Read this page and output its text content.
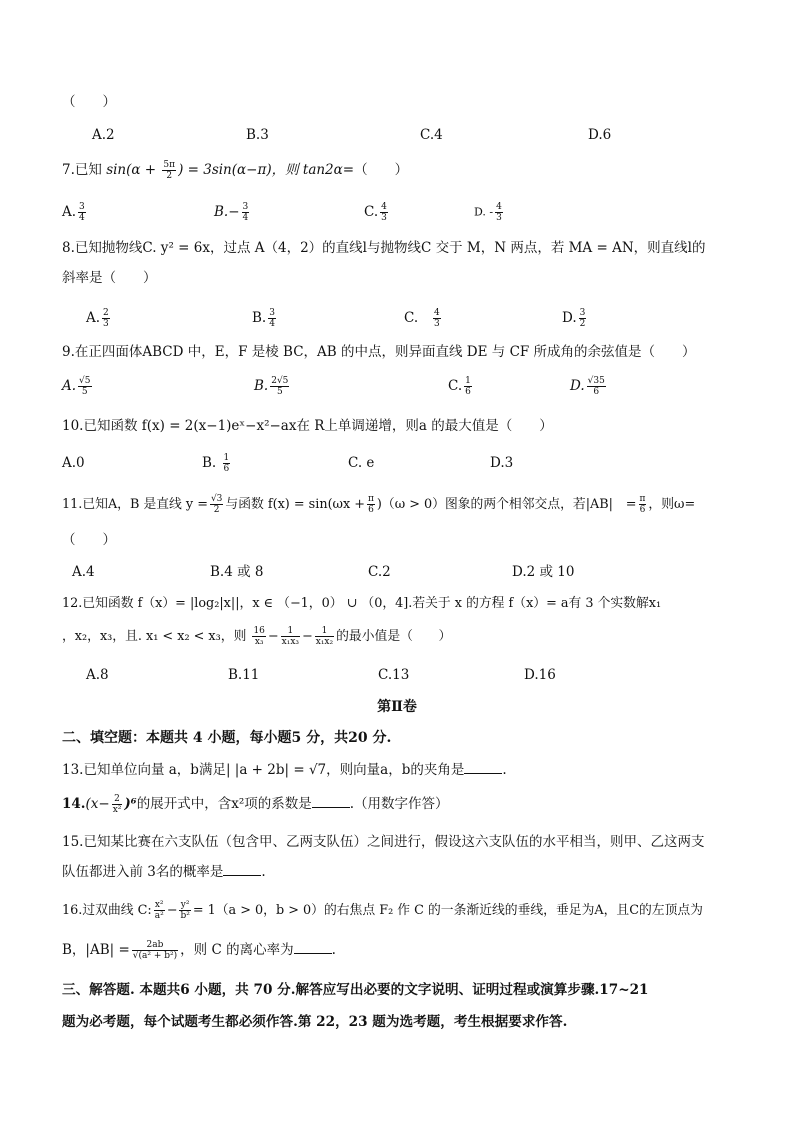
（　　）
A.2	B.3	C.4	D.6
7.已知 $\sin(\alpha + \frac{5\pi}{2}$ ) = 3sin(α−π)，则 tan2α=（　　）
A. $\frac{3}{4}$	$B.- \frac{3}{4}$	C. $\frac{4}{3}$	D. - $\frac{4}{3}$
8.已知抛物线C. y² = 6x，过点 A（4，2）的直线l与抛物线C 交于 M，N 两点，若 MA = AN，则直线l的
斜率是（　　）
A. $\frac{2}{3}$	B. $\frac{3}{4}$	C. $\frac{4}{3}$	D. $\frac{3}{2}$
9.在正四面体ABCD 中，E，F 是棱 BC，AB 的中点，则异面直线 DE 与 CF 所成角的余弦值是（　　）
A. $\frac{√5}{5}$	B. $\frac{2√5}{5}$	C. $\frac{1}{6}$	D. $\frac{√35}{6}$
10.已知函数 f(x) = 2(x−1)eˣ−x²−ax在 R上单调递增，则a 的最大值是（　　）
A.0	B. $\frac{1}{6}$	C. e	D.3
11.已知A，B 是直线 $y = \frac{√3}{2}$ 与函数 $f(x) = \sin(\omega x + \frac{\pi}{6} )(\omega > 0)$图象的两个相邻交点，若|AB|　= $\frac{\pi}{6}$ ，则ω=
（　　）
A.4	B.4 或 8	C.2	D.2 或 10
12.已知函数 f（x）= |log₂|x||，x ∈ （−1，0） ∪ （0，4].若关于 x 的方程 f（x）= a有 3 个实数解x₁
，x₂，x₃，且. x₁ < x₂ < x₃，则 $\frac{16}{\text{x₃}} - \frac{1}{\text{x₁x₃}} - \frac{1}{\text{x₁x₂}}$ 的最小值是（　　）
A.8	B.11	C.13	D.16
第Ⅱ卷
二、填空题：本题共 4 小题，每小题5 分，共20 分.
13.已知单位向量 a，b满足| |a + 2b| = √7，则向量a，b的夹角是	.
$14.(x- \frac{2}{\text{x²}} )^6$的展开式中，含x²项的系数是	.（用数字作答）
15.已知某比赛在六支队伍（包含甲、乙两支队伍）之间进行，假设这六支队伍的水平相当，则甲、乙这两支
队伍都进入前 3名的概率是	.
16.过双曲线 C: $\frac{\text{x²}}{\text{a²}} - \frac{\text{y²}}{\text{b²}} = 1(a > 0$，b > 0）的右焦点 F₂ 作 C 的一条渐近线的垂线，垂足为A，且C的左顶点为
B，$|AB| = \frac{2ab}{\text{√(a² + b²)}}$ ，则 C 的离心率为	.
三、解答题. 本题共6 小题，共 70 分.解答应写出必要的文字说明、证明过程或演算步骤.17~21
题为必考题，每个试题考生都必须作答.第 22，23 题为选考题，考生根据要求作答.
